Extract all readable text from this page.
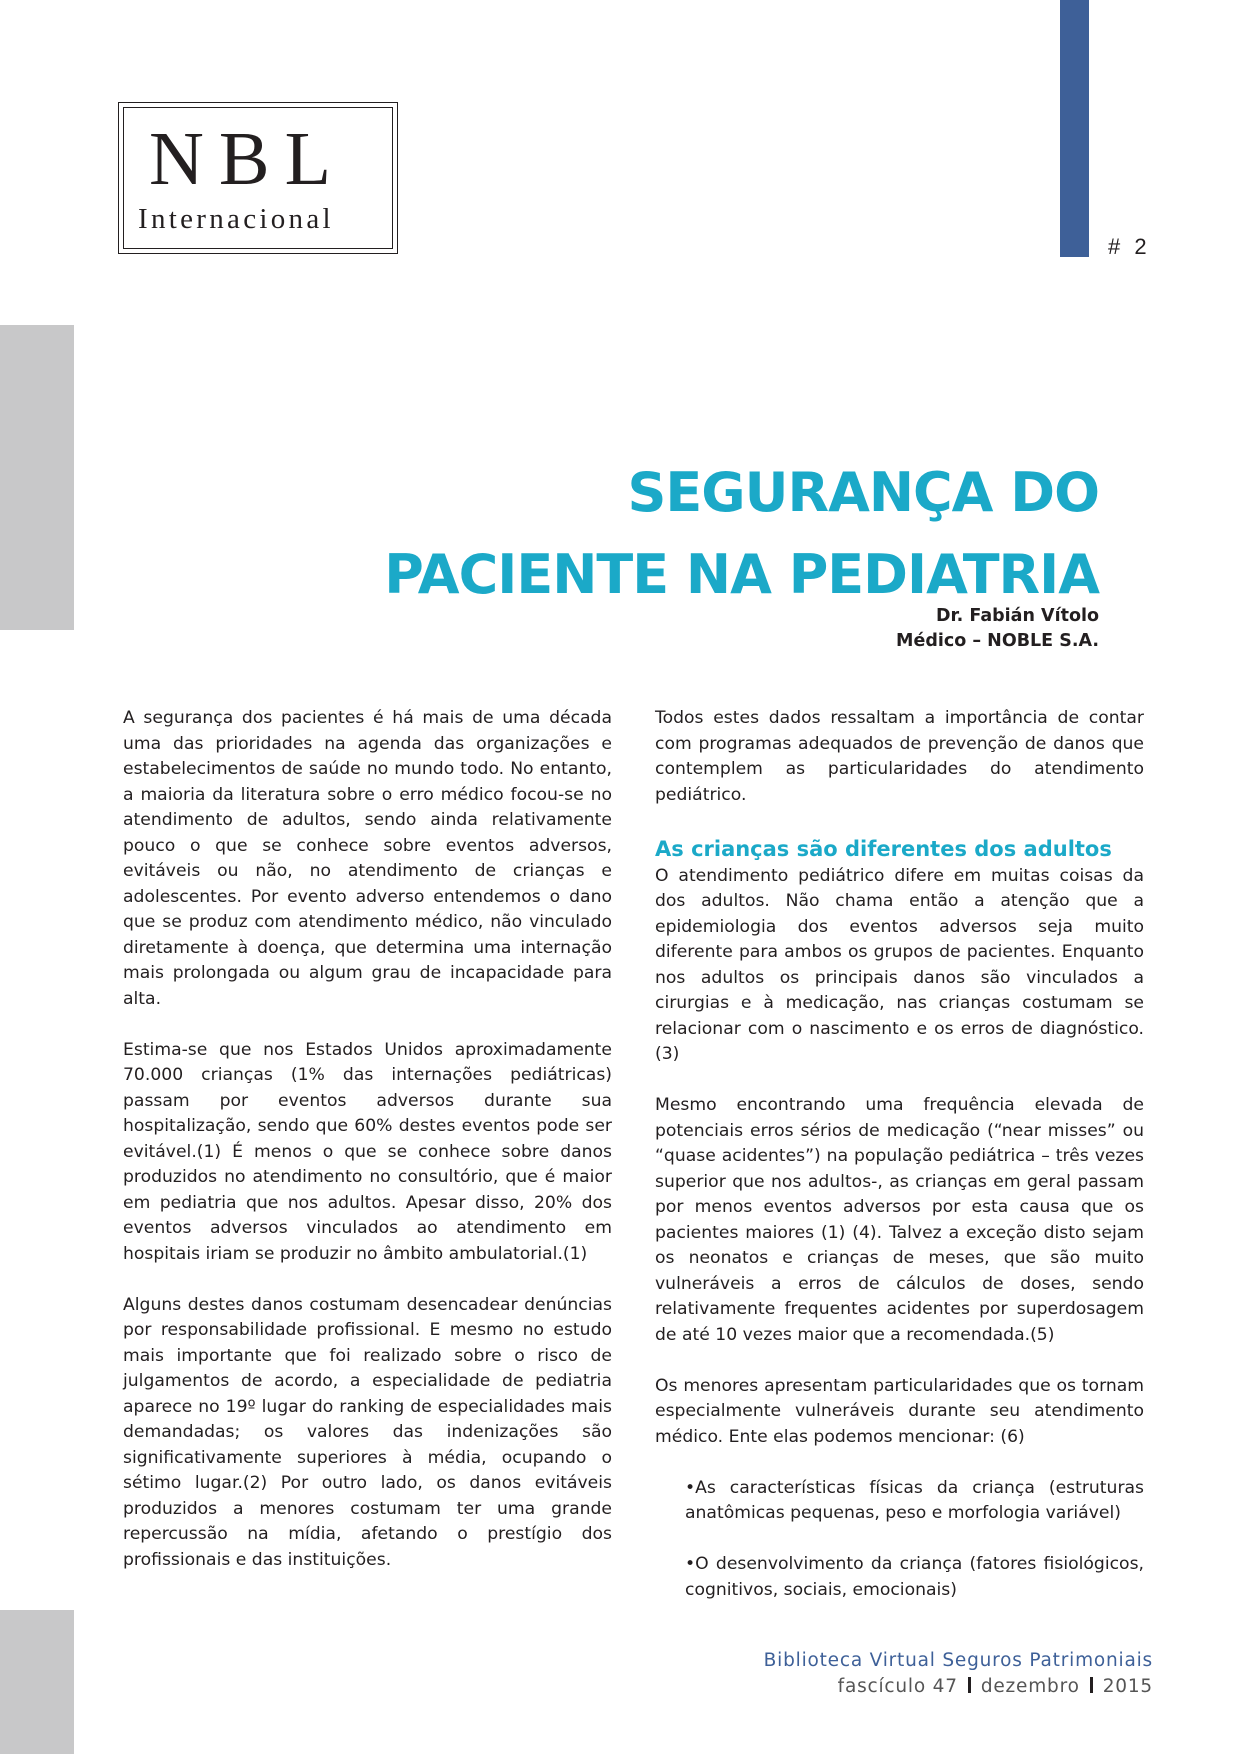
# 2
NBL
Internacional
SEGURANÇA DO
PACIENTE NA PEDIATRIA
Dr. Fabián Vítolo
Médico – NOBLE S.A.

A segurança dos pacientes é há mais de uma década uma das prioridades na agenda das organizações e estabelecimentos de saúde no mundo todo. No entanto, a maioria da literatura sobre o erro médico focou-se no atendimento de adultos, sendo ainda relativamente pouco o que se conhece sobre eventos adversos, evitáveis ou não, no atendimento de crianças e adolescentes. Por evento adverso entendemos o dano que se produz com atendimento médico, não vinculado diretamente à doença, que determina uma internação mais prolongada ou algum grau de incapacidade para alta.

Estima-se que nos Estados Unidos aproximadamente 70.000 crianças (1% das internações pediátricas) passam por eventos adversos durante sua hospitalização, sendo que 60% destes eventos pode ser evitável.(1) É menos o que se conhece sobre danos produzidos no atendimento no consultório, que é maior em pediatria que nos adultos. Apesar disso, 20% dos eventos adversos vinculados ao atendimento em hospitais iriam se produzir no âmbito ambulatorial.(1)

Alguns destes danos costumam desencadear denúncias por responsabilidade profissional. E mesmo no estudo mais importante que foi realizado sobre o risco de julgamentos de acordo, a especialidade de pediatria aparece no 19º lugar do ranking de especialidades mais demandadas; os valores das indenizações são significativamente superiores à média, ocupando o sétimo lugar.(2) Por outro lado, os danos evitáveis produzidos a menores costumam ter uma grande repercussão na mídia, afetando o prestígio dos profissionais e das instituições.

Todos estes dados ressaltam a importância de contar com programas adequados de prevenção de danos que contemplem as particularidades do atendimento pediátrico.

As crianças são diferentes dos adultos

O atendimento pediátrico difere em muitas coisas da dos adultos. Não chama então a atenção que a epidemiologia dos eventos adversos seja muito diferente para ambos os grupos de pacientes. Enquanto nos adultos os principais danos são vinculados a cirurgias e à medicação, nas crianças costumam se relacionar com o nascimento e os erros de diagnóstico. (3)

Mesmo encontrando uma frequência elevada de potenciais erros sérios de medicação (“near misses” ou “quase acidentes”) na população pediátrica – três vezes superior que nos adultos-, as crianças em geral passam por menos eventos adversos por esta causa que os pacientes maiores (1) (4). Talvez a exceção disto sejam os neonatos e crianças de meses, que são muito vulneráveis a erros de cálculos de doses, sendo relativamente frequentes acidentes por superdosagem de até 10 vezes maior que a recomendada.(5)

Os menores apresentam particularidades que os tornam especialmente vulneráveis durante seu atendimento médico. Ente elas podemos mencionar: (6)

•As características físicas da criança (estruturas anatômicas pequenas, peso e morfologia variável)

•O desenvolvimento da criança (fatores fisiológicos, cognitivos, sociais, emocionais)

Biblioteca Virtual Seguros Patrimoniais
fascículo 47 dezembro 2015
